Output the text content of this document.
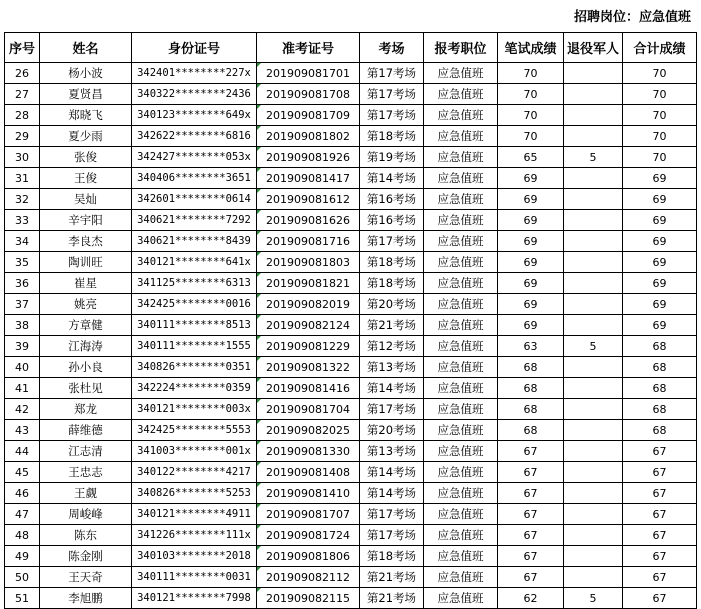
招聘岗位：应急值班
序号	姓名	身份证号	准考证号	考场	报考职位	笔试成绩	退役军人	合计成绩
26	杨小波	342401********227x	201909081701	第17考场	应急值班	70		70
27	夏贤昌	340322********2436	201909081708	第17考场	应急值班	70		70
28	郑晓飞	340123********649x	201909081709	第17考场	应急值班	70		70
29	夏少雨	342622********6816	201909081802	第18考场	应急值班	70		70
30	张俊	342427********053x	201909081926	第19考场	应急值班	65	5	70
31	王俊	340406********3651	201909081417	第14考场	应急值班	69		69
32	吴灿	342601********0614	201909081612	第16考场	应急值班	69		69
33	辛宇阳	340621********7292	201909081626	第16考场	应急值班	69		69
34	李良杰	340621********8439	201909081716	第17考场	应急值班	69		69
35	陶训旺	340121********641x	201909081803	第18考场	应急值班	69		69
36	崔星	341125********6313	201909081821	第18考场	应急值班	69		69
37	姚亮	342425********0016	201909082019	第20考场	应急值班	69		69
38	方章健	340111********8513	201909082124	第21考场	应急值班	69		69
39	江海涛	340111********1555	201909081229	第12考场	应急值班	63	5	68
40	孙小良	340826********0351	201909081322	第13考场	应急值班	68		68
41	张杜见	342224********0359	201909081416	第14考场	应急值班	68		68
42	郑龙	340121********003x	201909081704	第17考场	应急值班	68		68
43	薛维德	342425********5553	201909082025	第20考场	应急值班	68		68
44	江志清	341003********001x	201909081330	第13考场	应急值班	67		67
45	王忠志	340122********4217	201909081408	第14考场	应急值班	67		67
46	王觑	340826********5253	201909081410	第14考场	应急值班	67		67
47	周峻峰	340121********4911	201909081707	第17考场	应急值班	67		67
48	陈东	341226********111x	201909081724	第17考场	应急值班	67		67
49	陈金刚	340103********2018	201909081806	第18考场	应急值班	67		67
50	王天奇	340111********0031	201909082112	第21考场	应急值班	67		67
51	李旭鹏	340121********7998	201909082115	第21考场	应急值班	62	5	67
